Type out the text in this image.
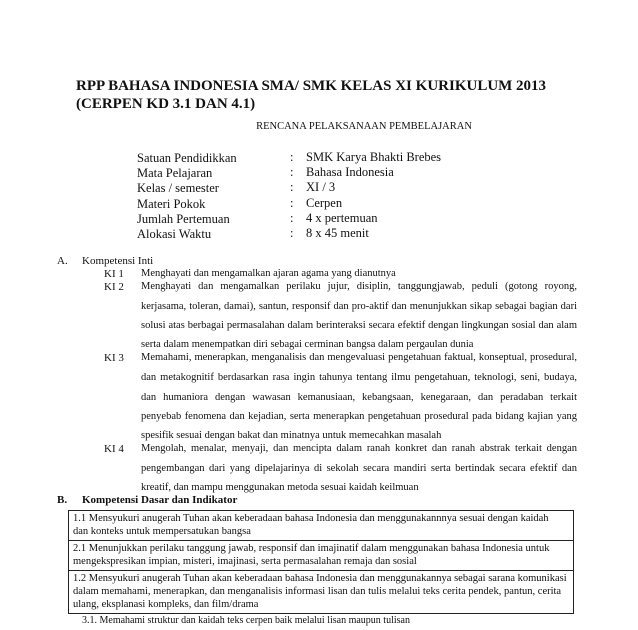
RPP BAHASA INDONESIA SMA/ SMK KELAS XI KURIKULUM 2013
(CERPEN KD 3.1 DAN 4.1)
RENCANA PELAKSANAAN PEMBELAJARAN
Satuan Pendidikkan	: SMK Karya Bhakti Brebes
Mata Pelajaran	: Bahasa Indonesia
Kelas / semester	: XI / 3
Materi Pokok	: Cerpen
Jumlah Pertemuan	: 4 x pertemuan
Alokasi Waktu	: 8 x 45 menit
A. Kompetensi Inti
KI 1 Menghayati dan mengamalkan ajaran agama yang dianutnya
KI 2 Menghayati dan mengamalkan perilaku jujur, disiplin, tanggungjawab, peduli (gotong royong,
kerjasama, toleran, damai), santun, responsif dan pro-aktif dan menunjukkan sikap sebagai bagian dari
solusi atas berbagai permasalahan dalam berinteraksi secara efektif dengan lingkungan sosial dan alam
serta dalam menempatkan diri sebagai cerminan bangsa dalam pergaulan dunia
KI 3 Memahami, menerapkan, menganalisis dan mengevaluasi pengetahuan faktual, konseptual, prosedural,
dan metakognitif berdasarkan rasa ingin tahunya tentang ilmu pengetahuan, teknologi, seni, budaya,
dan humaniora dengan wawasan kemanusiaan, kebangsaan, kenegaraan, dan peradaban terkait
penyebab fenomena dan kejadian, serta menerapkan pengetahuan prosedural pada bidang kajian yang
spesifik sesuai dengan bakat dan minatnya untuk memecahkan masalah
KI 4 Mengolah, menalar, menyaji, dan mencipta dalam ranah konkret dan ranah abstrak terkait dengan
pengembangan dari yang dipelajarinya di sekolah secara mandiri serta bertindak secara efektif dan
kreatif, dan mampu menggunakan metoda sesuai kaidah keilmuan
B. Kompetensi Dasar dan Indikator
1.1 Mensyukuri anugerah Tuhan akan keberadaan bahasa Indonesia dan menggunakannnya sesuai dengan kaidah
dan konteks untuk mempersatukan bangsa

2.1 Menunjukkan perilaku tanggung jawab, responsif dan imajinatif dalam menggunakan bahasa Indonesia untuk
mengekspresikan impian, misteri, imajinasi, serta permasalahan remaja dan sosial

1.2 Mensyukuri anugerah Tuhan akan keberadaan bahasa Indonesia dan menggunakannya sebagai sarana komunikasi
dalam memahami, menerapkan, dan menganalisis informasi lisan dan tulis melalui teks cerita pendek, pantun, cerita
ulang, eksplanasi kompleks, dan film/drama
3.1. Memahami struktur dan kaidah teks cerpen baik melalui lisan maupun tulisan
